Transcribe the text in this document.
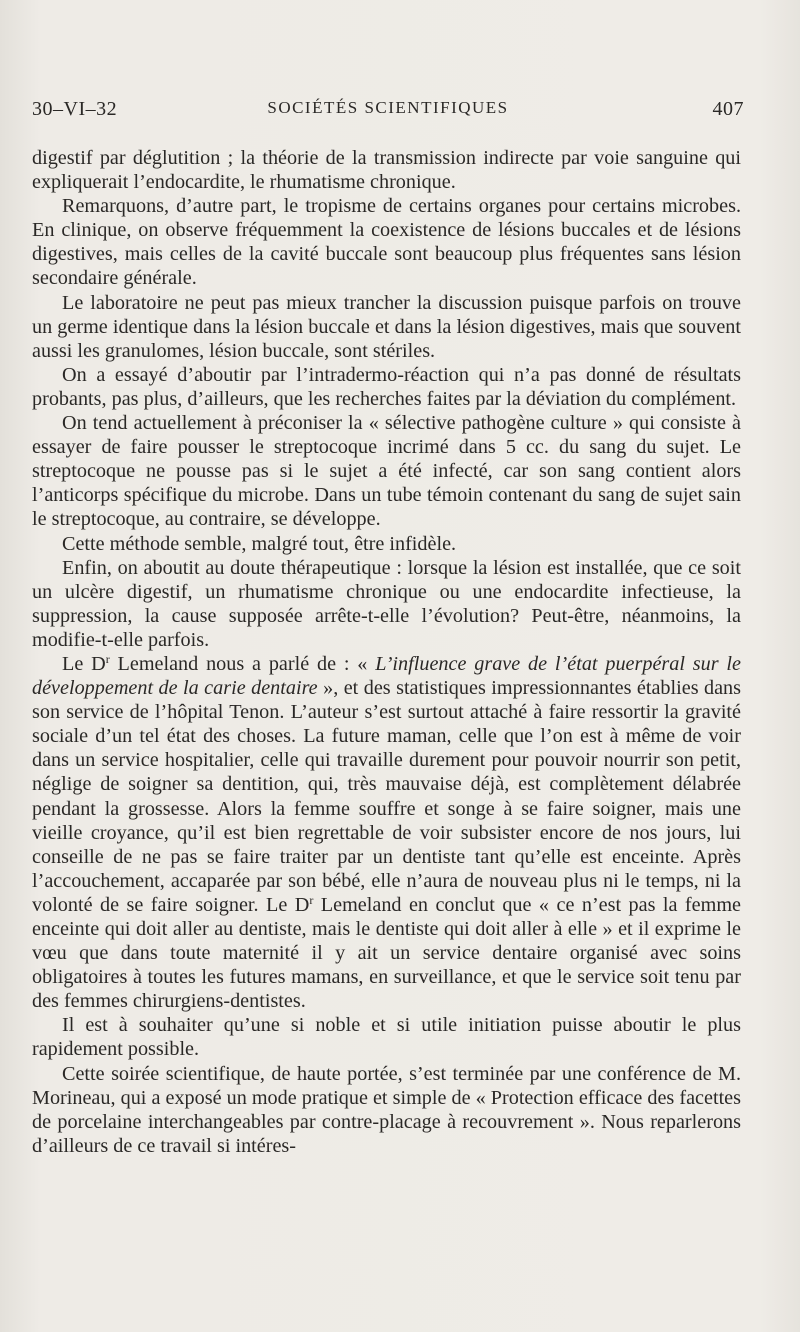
30–VI–32	SOCIÉTÉS SCIENTIFIQUES	407

digestif par déglutition ; la théorie de la transmission indirecte par voie sanguine qui expliquerait l’endocardite, le rhumatisme chronique.

Remarquons, d’autre part, le tropisme de certains organes pour certains microbes. En clinique, on observe fréquemment la coexistence de lésions buccales et de lésions digestives, mais celles de la cavité buccale sont beaucoup plus fréquentes sans lésion secondaire générale.

Le laboratoire ne peut pas mieux trancher la discussion puisque parfois on trouve un germe identique dans la lésion buccale et dans la lésion digestives, mais que souvent aussi les granulomes, lésion buccale, sont stériles.

On a essayé d’aboutir par l’intradermo-réaction qui n’a pas donné de résultats probants, pas plus, d’ailleurs, que les recherches faites par la déviation du complément.

On tend actuellement à préconiser la « sélective pathogène culture » qui consiste à essayer de faire pousser le streptocoque incrimé dans 5 cc. du sang du sujet. Le streptocoque ne pousse pas si le sujet a été infecté, car son sang contient alors l’anticorps spécifique du microbe. Dans un tube témoin contenant du sang de sujet sain le streptocoque, au contraire, se développe.

Cette méthode semble, malgré tout, être infidèle.

Enfin, on aboutit au doute thérapeutique : lorsque la lésion est installée, que ce soit un ulcère digestif, un rhumatisme chronique ou une endocardite infectieuse, la suppression, la cause supposée arrête-t-elle l’évolution? Peut-être, néanmoins, la modifie-t-elle parfois.

Le $D^r$ Lemeland nous a parlé de : « L’influence grave de l’état puerpéral sur le développement de la carie dentaire », et des statistiques impressionnantes établies dans son service de l’hôpital Tenon. L’auteur s’est surtout attaché à faire ressortir la gravité sociale d’un tel état des choses. La future maman, celle que l’on est à même de voir dans un service hospitalier, celle qui travaille durement pour pouvoir nourrir son petit, néglige de soigner sa dentition, qui, très mauvaise déjà, est complètement délabrée pendant la grossesse. Alors la femme souffre et songe à se faire soigner, mais une vieille croyance, qu’il est bien regrettable de voir subsister encore de nos jours, lui conseille de ne pas se faire traiter par un dentiste tant qu’elle est enceinte. Après l’accouchement, accaparée par son bébé, elle n’aura de nouveau plus ni le temps, ni la volonté de se faire soigner. Le $D^r$ Lemeland en conclut que « ce n’est pas la femme enceinte qui doit aller au dentiste, mais le dentiste qui doit aller à elle » et il exprime le vœu que dans toute maternité il y ait un service dentaire organisé avec soins obligatoires à toutes les futures mamans, en surveillance, et que le service soit tenu par des femmes chirurgiens-dentistes.

Il est à souhaiter qu’une si noble et si utile initiation puisse aboutir le plus rapidement possible.

Cette soirée scientifique, de haute portée, s’est terminée par une conférence de M. Morineau, qui a exposé un mode pratique et simple de « Protection efficace des facettes de porcelaine interchangeables par contre-placage à recouvrement ». Nous reparlerons d’ailleurs de ce travail si intéres-
